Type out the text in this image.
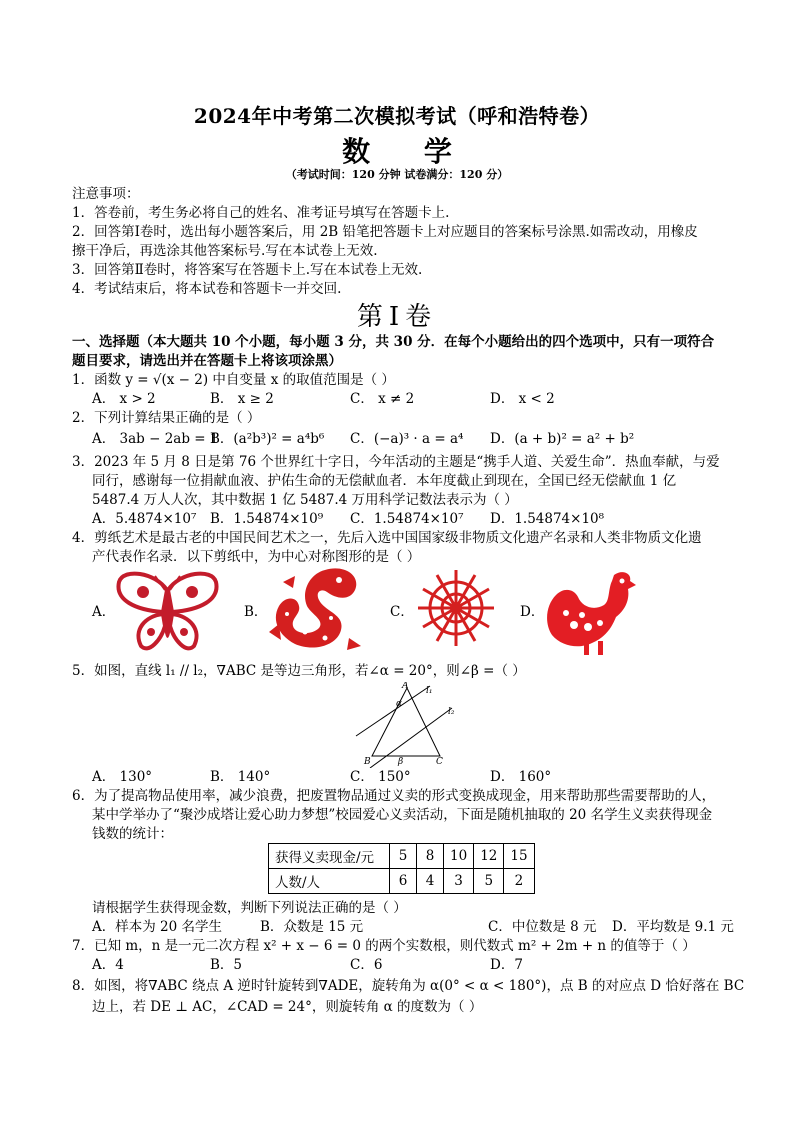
2024年中考第二次模拟考试（呼和浩特卷）
数 学
（考试时间：120 分钟 试卷满分：120 分）
注意事项：
1．答卷前，考生务必将自己的姓名、准考证号填写在答题卡上.
2．回答第Ⅰ卷时，选出每小题答案后，用 2B 铅笔把答题卡上对应题目的答案标号涂黑.如需改动，用橡皮
擦干净后，再选涂其他答案标号.写在本试卷上无效.
3．回答第Ⅱ卷时，将答案写在答题卡上.写在本试卷上无效.
4．考试结束后，将本试卷和答题卡一并交回.
第Ⅰ卷
一、选择题（本大题共 10 个小题，每小题 3 分，共 30 分．在每个小题给出的四个选项中，只有一项符合
题目要求，请选出并在答题卡上将该项涂黑）
1．函数 y = √(x − 2) 中自变量 x 的取值范围是（ ）
A． x > 2	B． x ≥ 2	C． x ≠ 2	D． x < 2
2．下列计算结果正确的是（ ）
A． 3ab − 2ab = 1
B．(a²b³)² = a⁴b⁶ C．(−a)³ · a = a⁴ D．(a + b)² = a² + b²
3．2023 年 5 月 8 日是第 76 个世界红十字日，今年活动的主题是“携手人道、关爱生命”．热血奉献，与爱
同行，感谢每一位捐献血液、护佑生命的无偿献血者．本年度截止到现在，全国已经无偿献血 1 亿
5487.4 万人人次，其中数据 1 亿 5487.4 万用科学记数法表示为（ ）
A．5.4874×10⁷ B．1.54874×10⁹ C．1.54874×10⁷ D．1.54874×10⁸
4．剪纸艺术是最古老的中国民间艺术之一，先后入选中国国家级非物质文化遗产名录和人类非物质文化遗
产代表作名录．以下剪纸中，为中心对称图形的是（ ）
A．	B．	C．	D．
5．如图，直线 l₁ // l₂，∇ABC 是等边三角形，若∠α = 20°，则∠β =（ ）
A
B	C
l₁
l₂
α
β
A． 130°	B． 140°	C． 150°	D． 160°
6．为了提高物品使用率，减少浪费，把废置物品通过义卖的形式变换成现金，用来帮助那些需要帮助的人，
某中学举办了“聚沙成塔让爱心助力梦想”校园爱心义卖活动，下面是随机抽取的 20 名学生义卖获得现金
钱数的统计：
获得义卖现金/元	5	8	10	12	15
人数/人	6	4	3	5	2
请根据学生获得现金数，判断下列说法正确的是（ ）
A．样本为 20 名学生	B．众数是 15 元	C．中位数是 8 元 D．平均数是 9.1 元
7．已知 m，n 是一元二次方程 x² + x − 6 = 0 的两个实数根，则代数式 m² + 2m + n 的值等于（ ）
A．4	B．5	C．6	D．7
8．如图，将∇ABC 绕点 A 逆时针旋转到∇ADE，旋转角为 α(0° < α < 180°)，点 B 的对应点 D 恰好落在 BC
边上，若 DE ⊥ AC，∠CAD = 24°，则旋转角 α 的度数为（ ）
